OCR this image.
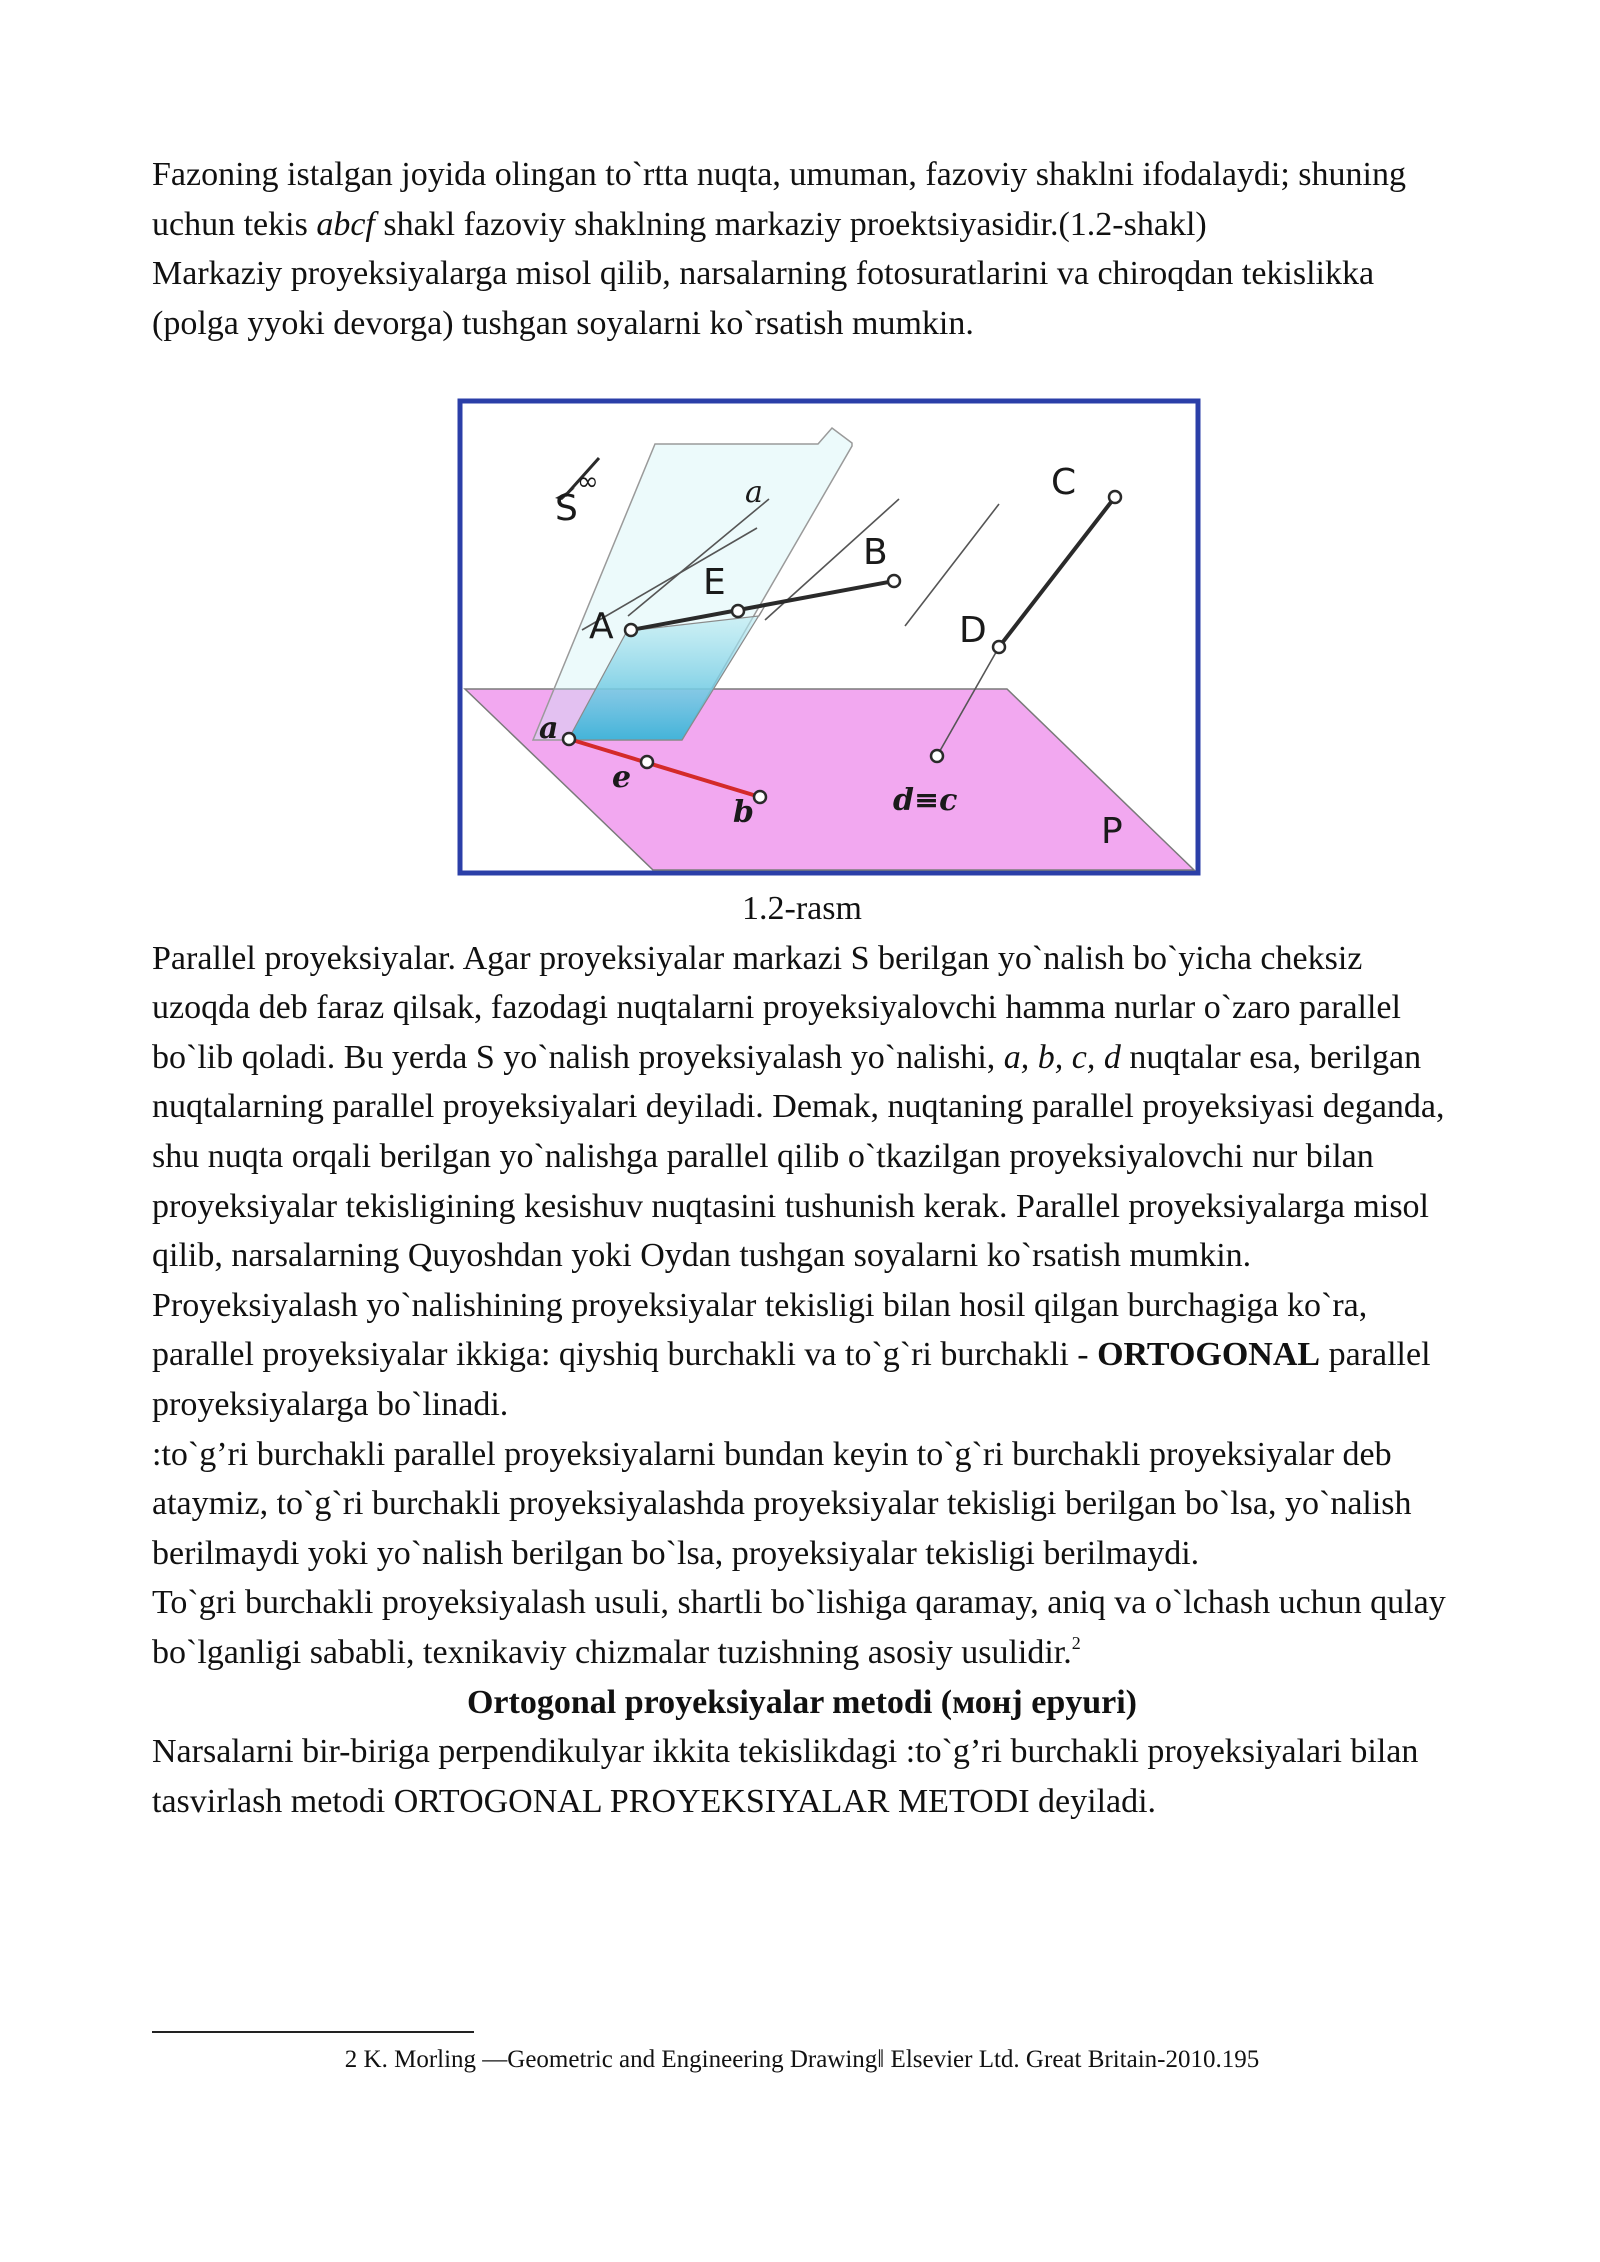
Fazoning istalgan joyida olingan to`rtta nuqta, umuman, fazoviy shaklni ifodalaydi; shuning uchun tekis abcf shakl fazoviy shaklning markaziy proektsiyasidir.(1.2-shakl)

Markaziy proyeksiyalarga misol qilib, narsalarning fotosuratlarini va chiroqdan tekislikka (polga yyoki devorga) tushgan soyalarni ko`rsatish mumkin.

S
∞	a
A
E
B
C
D
a
e
b	d≡c
P

1.2-rasm

Parallel proyeksiyalar. Agar proyeksiyalar markazi S berilgan yo`nalish bo`yicha cheksiz uzoqda deb faraz qilsak, fazodagi nuqtalarni proyeksiyalovchi hamma nurlar o`zaro parallel bo`lib qoladi. Bu yerda S yo`nalish proyeksiyalash yo`nalishi, a, b, c, d nuqtalar esa, berilgan nuqtalarning parallel proyeksiyalari deyiladi. Demak, nuqtaning parallel proyeksiyasi deganda, shu nuqta orqali berilgan yo`nalishga parallel qilib o`tkazilgan proyeksiyalovchi nur bilan proyeksiyalar tekisligining kesishuv nuqtasini tushunish kerak. Parallel proyeksiyalarga misol qilib, narsalarning Quyoshdan yoki Oydan tushgan soyalarni ko`rsatish mumkin.

Proyeksiyalash yo`nalishining proyeksiyalar tekisligi bilan hosil qilgan burchagiga ko`ra, parallel proyeksiyalar ikkiga: qiyshiq burchakli va to`g`ri burchakli - ORTOGONAL parallel proyeksiyalarga bo`linadi.

:to`g’ri burchakli parallel proyeksiyalarni bundan keyin to`g`ri burchakli proyeksiyalar deb ataymiz, to`g`ri burchakli proyeksiyalashda proyeksiyalar tekisligi berilgan bo`lsa, yo`nalish berilmaydi yoki yo`nalish berilgan bo`lsa, proyeksiyalar tekisligi berilmaydi.

To`gri burchakli proyeksiyalash usuli, shartli bo`lishiga qaramay, aniq va o`lchash uchun qulay bo`lganligi sababli, texnikaviy chizmalar tuzishning asosiy usulidir.$^2$

Ortogonal proyeksiyalar metodi (монj epyuri)

Narsalarni bir-biriga perpendikulyar ikkita tekislikdagi :to`g’ri burchakli proyeksiyalari bilan tasvirlash metodi ORTOGONAL PROYEKSIYALAR METODI deyiladi.

2 K. Morling ―Geometric and Engineering Drawing‖ Elsevier Ltd. Great Britain-2010.195
